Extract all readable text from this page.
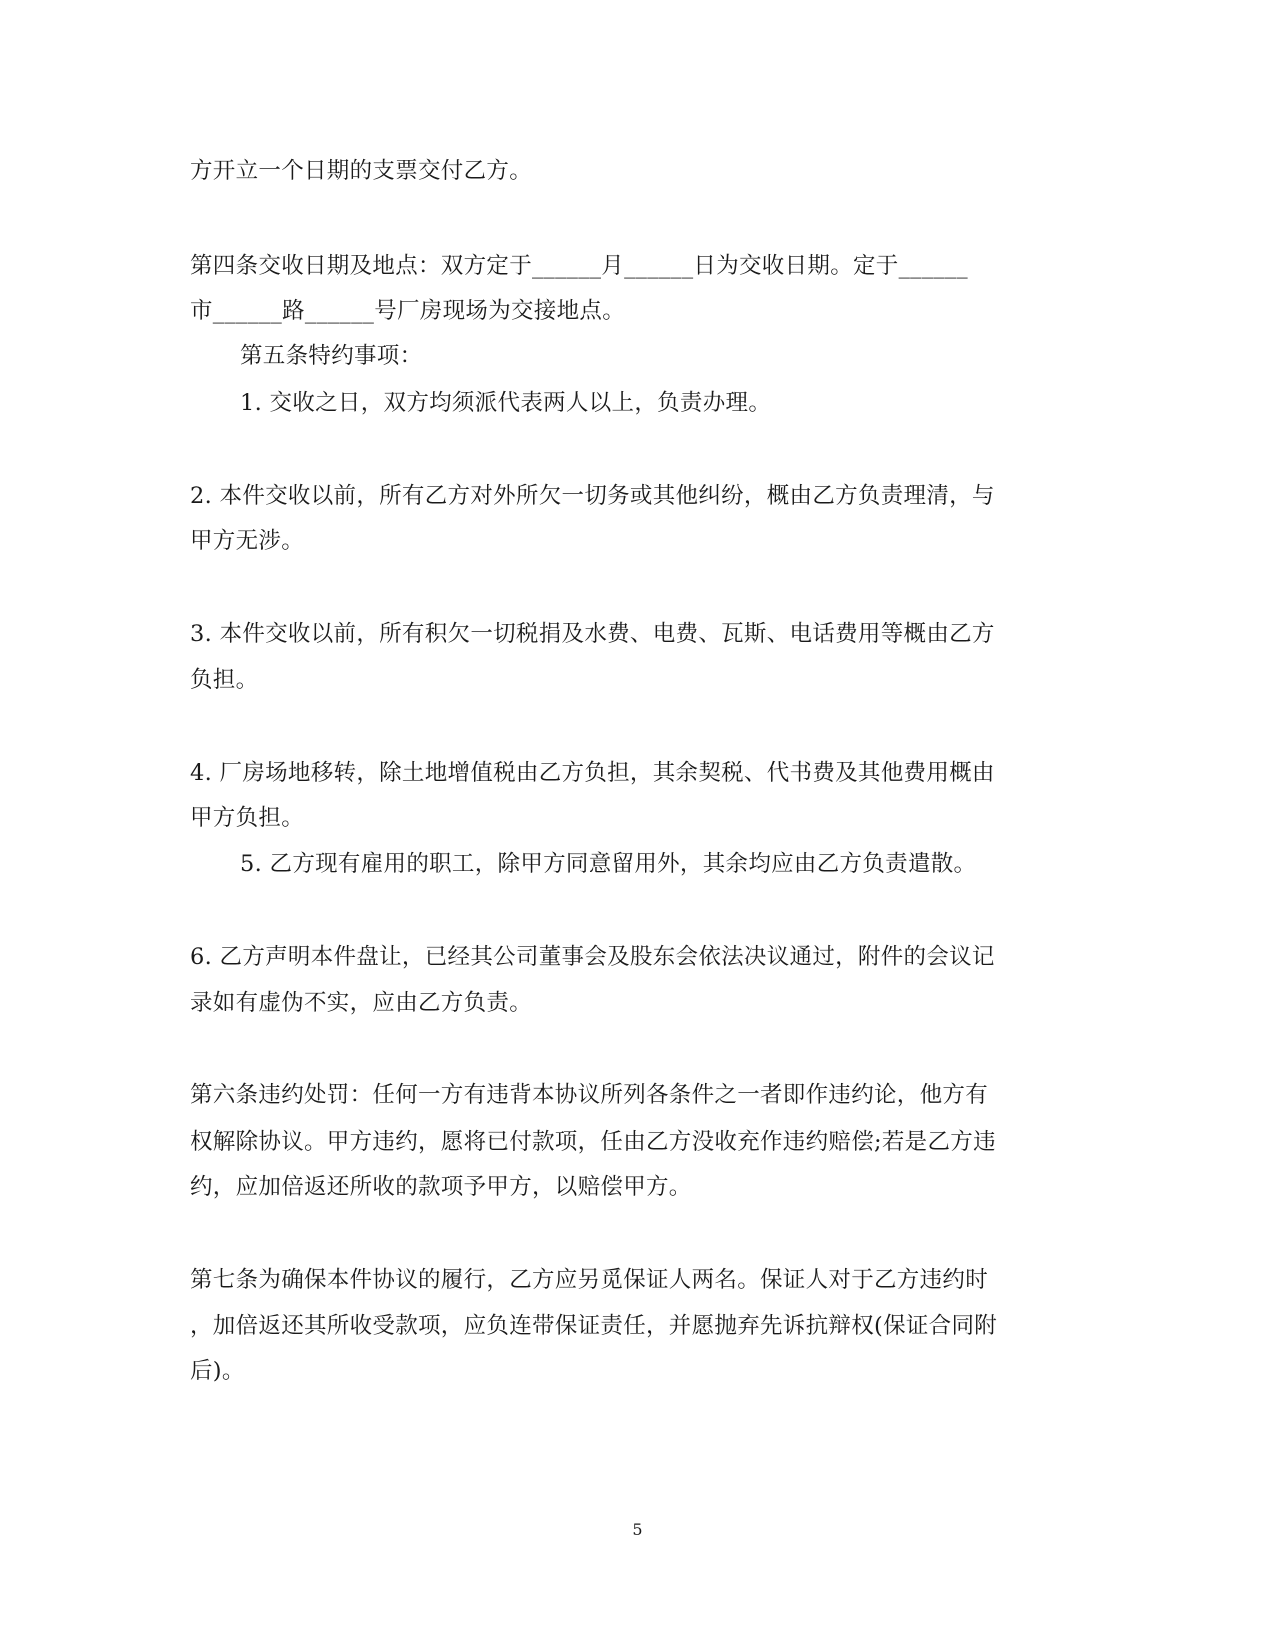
方开立一个日期的支票交付乙方。
第四条交收日期及地点：双方定于______月______日为交收日期。定于______
市______路______号厂房现场为交接地点。
第五条特约事项：
1. 交收之日，双方均须派代表两人以上，负责办理。
2. 本件交收以前，所有乙方对外所欠一切务或其他纠纷，概由乙方负责理清，与
甲方无涉。
3. 本件交收以前，所有积欠一切税捐及水费、电费、瓦斯、电话费用等概由乙方
负担。
4. 厂房场地移转，除土地增值税由乙方负担，其余契税、代书费及其他费用概由
甲方负担。
5. 乙方现有雇用的职工，除甲方同意留用外，其余均应由乙方负责遣散。
6. 乙方声明本件盘让，已经其公司董事会及股东会依法决议通过，附件的会议记
录如有虚伪不实，应由乙方负责。
第六条违约处罚：任何一方有违背本协议所列各条件之一者即作违约论，他方有
权解除协议。甲方违约，愿将已付款项，任由乙方没收充作违约赔偿;若是乙方违
约，应加倍返还所收的款项予甲方，以赔偿甲方。
第七条为确保本件协议的履行，乙方应另觅保证人两名。保证人对于乙方违约时
，加倍返还其所收受款项，应负连带保证责任，并愿抛弃先诉抗辩权(保证合同附
后)。
5
